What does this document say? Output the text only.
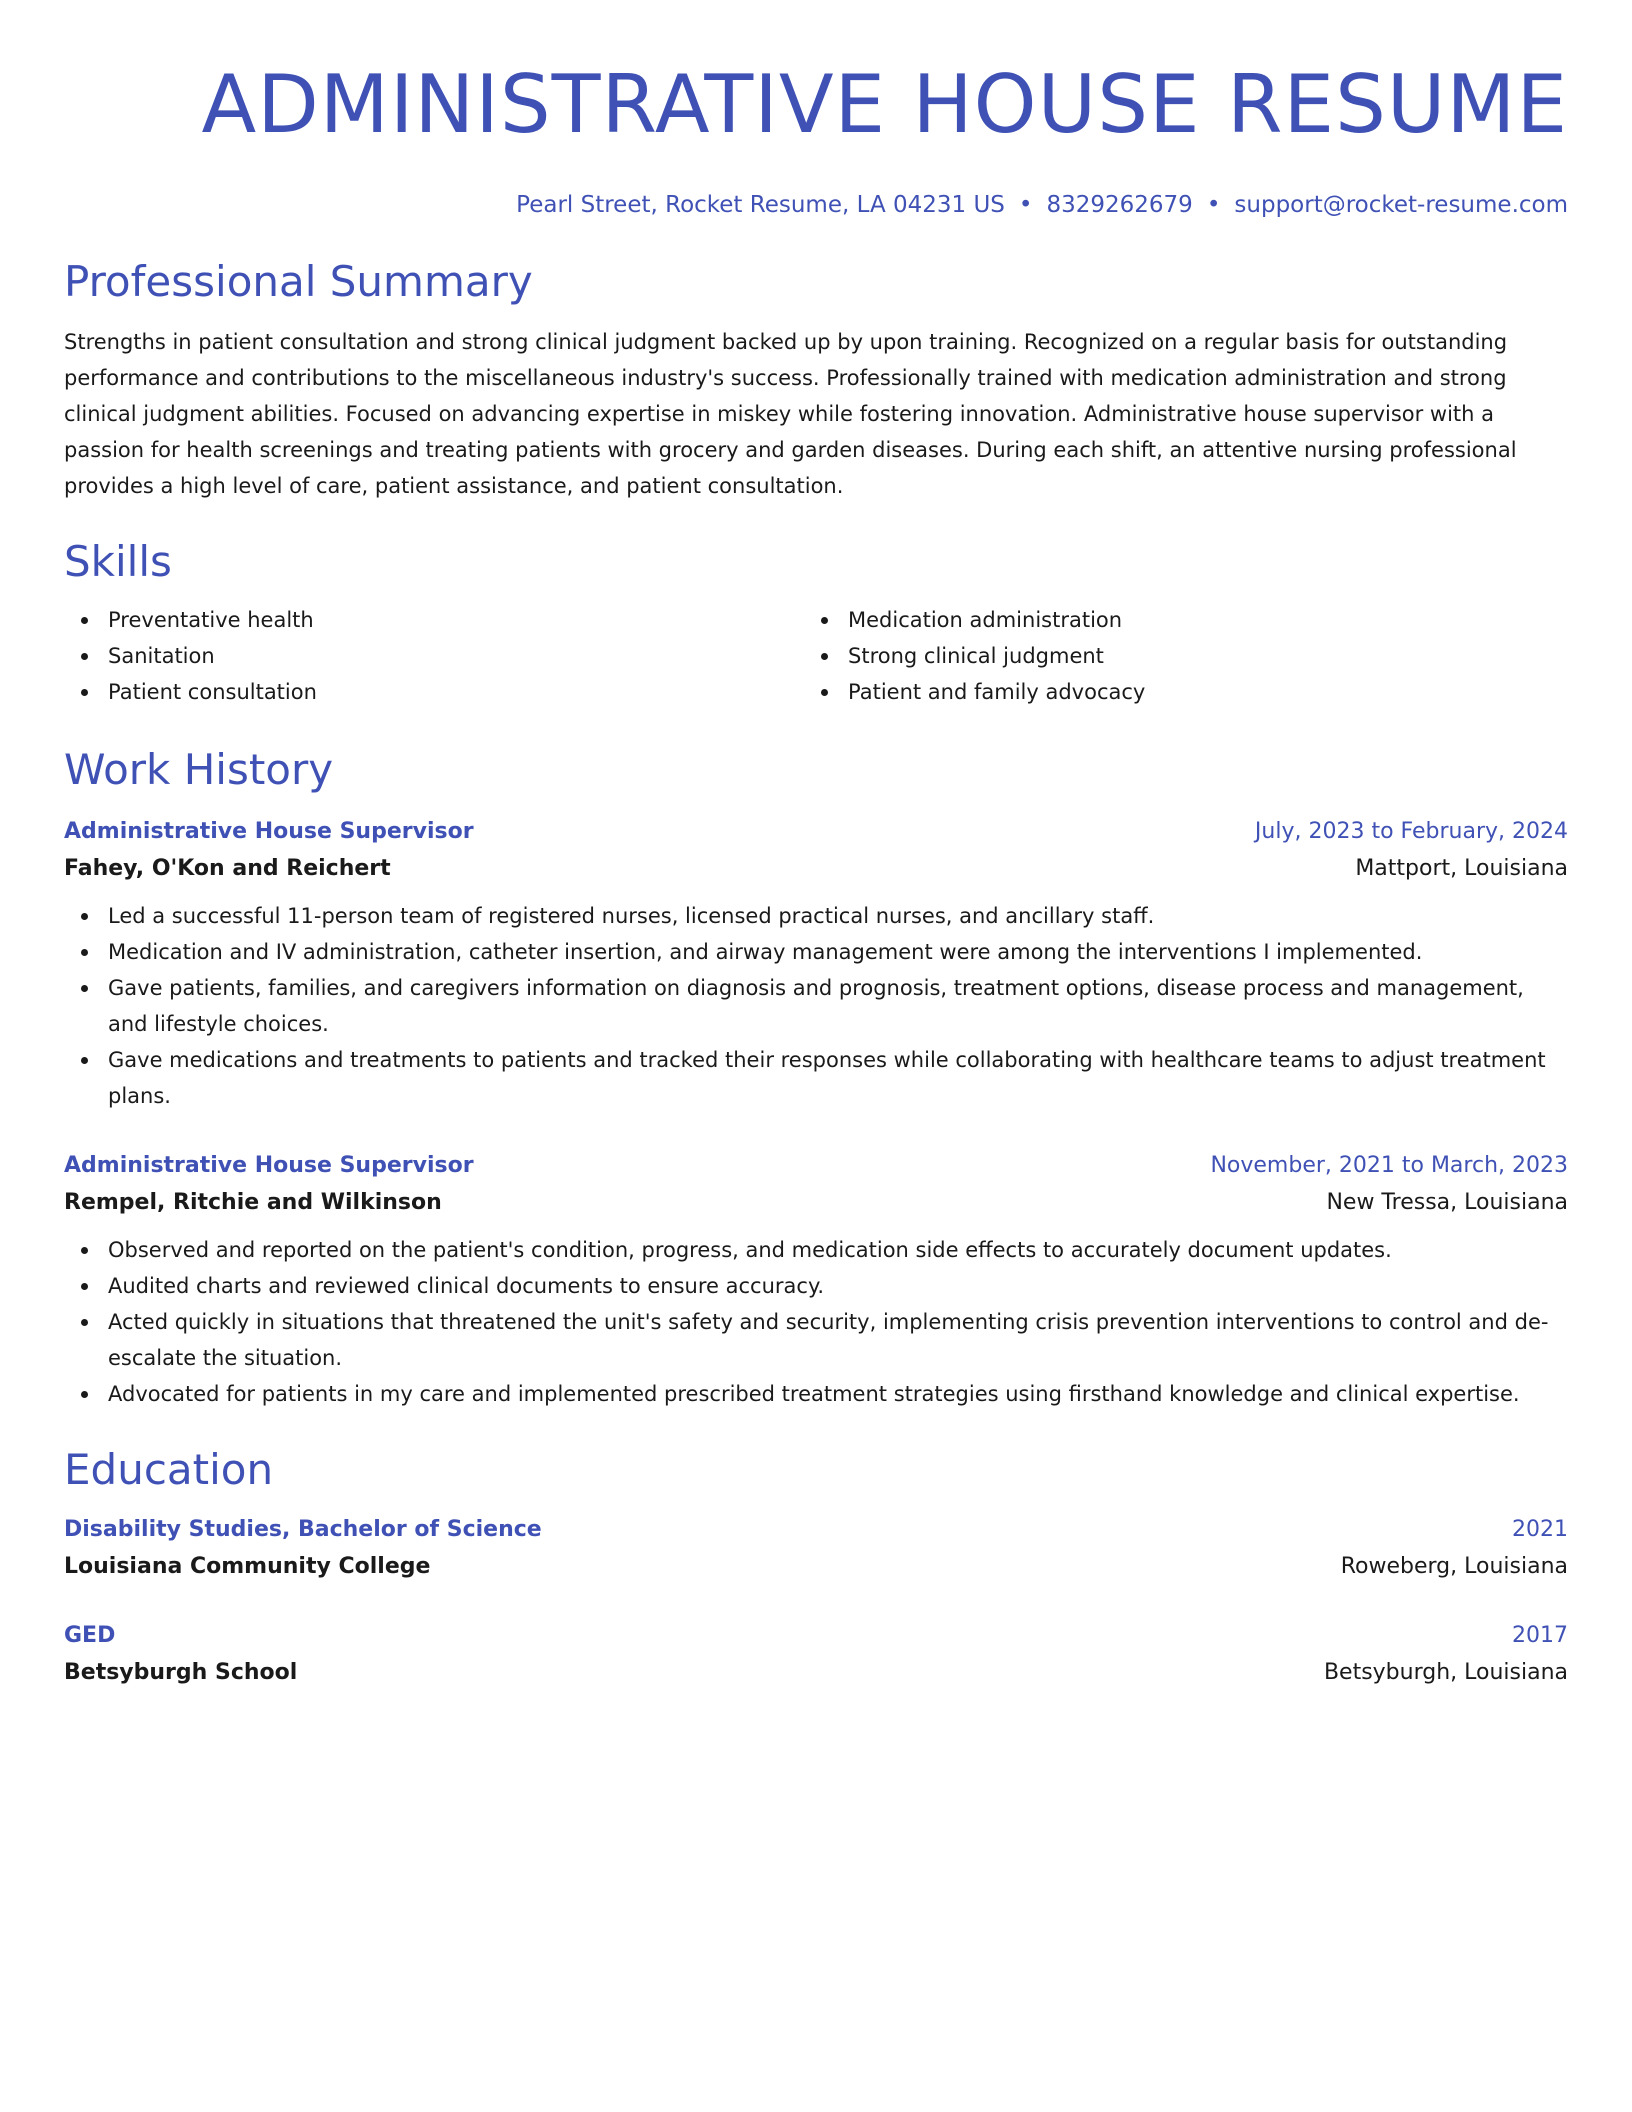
ADMINISTRATIVE HOUSE RESUME
Pearl Street, Rocket Resume, LA 04231 US • 8329262679 • support@rocket-resume.com
Professional Summary

Strengths in patient consultation and strong clinical judgment backed up by upon training. Recognized on a regular basis for outstanding performance and contributions to the miscellaneous industry's success. Professionally trained with medication administration and strong clinical judgment abilities. Focused on advancing expertise in miskey while fostering innovation. Administrative house supervisor with a passion for health screenings and treating patients with grocery and garden diseases. During each shift, an attentive nursing professional provides a high level of care, patient assistance, and patient consultation.

Skills
Preventative health
Sanitation
Patient consultation
Medication administration
Strong clinical judgment
Patient and family advocacy
Work History
Administrative House Supervisor	July, 2023 to February, 2024
Fahey, O'Kon and Reichert	Mattport, Louisiana
Led a successful 11-person team of registered nurses, licensed practical nurses, and ancillary staff.
Medication and IV administration, catheter insertion, and airway management were among the interventions I implemented.
Gave patients, families, and caregivers information on diagnosis and prognosis, treatment options, disease process and management, and lifestyle choices.
Gave medications and treatments to patients and tracked their responses while collaborating with healthcare teams to adjust treatment plans.
Administrative House Supervisor	November, 2021 to March, 2023
Rempel, Ritchie and Wilkinson	New Tressa, Louisiana
Observed and reported on the patient's condition, progress, and medication side effects to accurately document updates.
Audited charts and reviewed clinical documents to ensure accuracy.
Acted quickly in situations that threatened the unit's safety and security, implementing crisis prevention interventions to control and de-escalate the situation.
Advocated for patients in my care and implemented prescribed treatment strategies using firsthand knowledge and clinical expertise.
Education
Disability Studies, Bachelor of Science	2021
Louisiana Community College	Roweberg, Louisiana
GED	2017
Betsyburgh School	Betsyburgh, Louisiana
